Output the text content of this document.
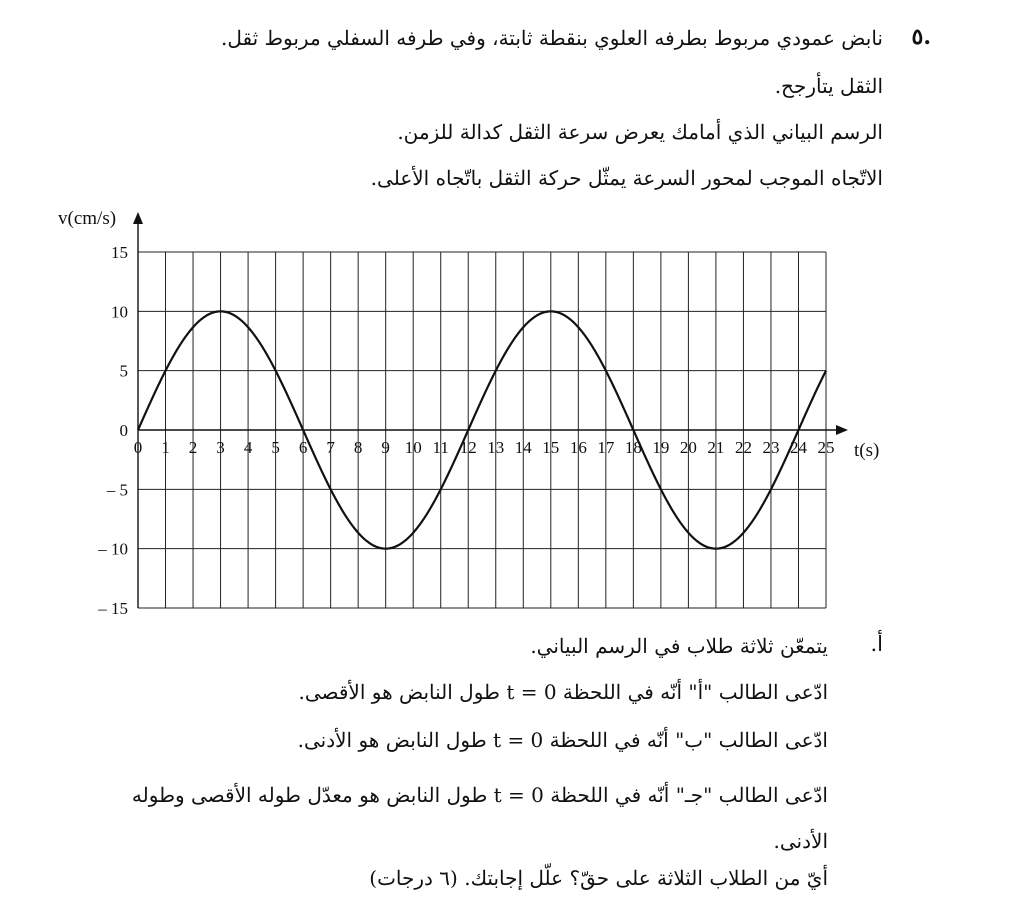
٥.
نابض عمودي مربوط بطرفه العلوي بنقطة ثابتة، وفي طرفه السفلي مربوط ثقل.
الثقل يتأرجح.
الرسم البياني الذي أمامك يعرض سرعة الثقل كدالة للزمن.
الاتّجاه الموجب لمحور السرعة يمثّل حركة الثقل باتّجاه الأعلى.
0 1 2 3 4 5 6 7 8 9 10 11 12 13 14 15 16 17 18 19 20 21 22 23 24 25
15
10
5
0
– 5
– 10
– 15
v(cm/s)
t(s)
أ.
يتمعّن ثلاثة طلاب في الرسم البياني.
ادّعى الطالب "أ" أنّه في اللحظة t = 0 طول النابض هو الأقصى.
ادّعى الطالب "ب" أنّه في اللحظة t = 0 طول النابض هو الأدنى.
ادّعى الطالب "جـ" أنّه في اللحظة t = 0 طول النابض هو معدّل طوله الأقصى وطوله الأدنى.
أيّ من الطلاب الثلاثة على حقّ؟ علّل إجابتك. (٦ درجات)
